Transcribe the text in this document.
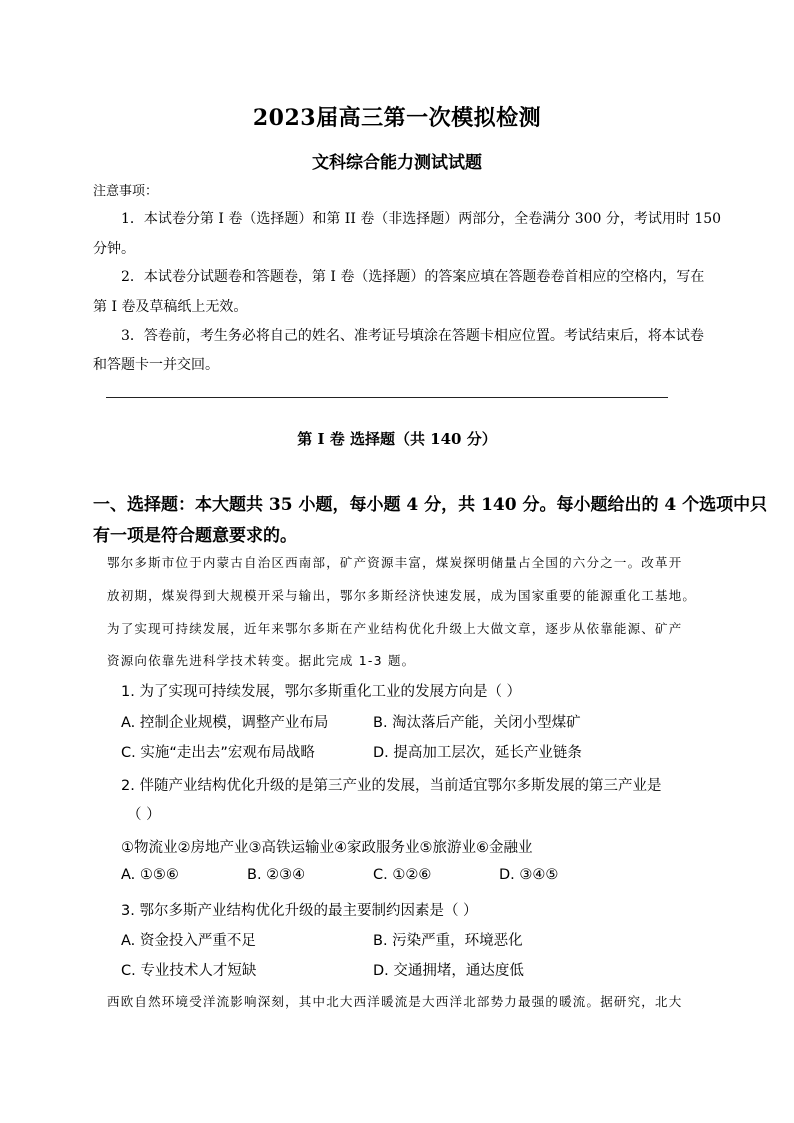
2023届高三第一次模拟检测
文科综合能力测试试题
注意事项：
1．本试卷分第 I 卷（选择题）和第 II 卷（非选择题）两部分，全卷满分 300 分，考试用时 150
分钟。
2．本试卷分试题卷和答题卷，第 I 卷（选择题）的答案应填在答题卷卷首相应的空格内，写在
第 I 卷及草稿纸上无效。
3．答卷前，考生务必将自己的姓名、准考证号填涂在答题卡相应位置。考试结束后，将本试卷
和答题卡一并交回。
第 I 卷 选择题（共 140 分）
一、选择题：本大题共 35 小题，每小题 4 分，共 140 分。每小题给出的 4 个选项中只
有一项是符合题意要求的。
鄂尔多斯市位于内蒙古自治区西南部，矿产资源丰富，煤炭探明储量占全国的六分之一。改革开
放初期，煤炭得到大规模开采与输出，鄂尔多斯经济快速发展，成为国家重要的能源重化工基地。
为了实现可持续发展，近年来鄂尔多斯在产业结构优化升级上大做文章，逐步从依靠能源、矿产
资源向依靠先进科学技术转变。据此完成 1-3 题。
1. 为了实现可持续发展，鄂尔多斯重化工业的发展方向是（ ）
A. 控制企业规模，调整产业布局	B. 淘汰落后产能，关闭小型煤矿
C. 实施“走出去”宏观布局战略	D. 提高加工层次，延长产业链条
2. 伴随产业结构优化升级的是第三产业的发展，当前适宜鄂尔多斯发展的第三产业是
（ ）
①物流业②房地产业③高铁运输业④家政服务业⑤旅游业⑥金融业
A. ①⑤⑥	B. ②③④	C. ①②⑥	D. ③④⑤
3. 鄂尔多斯产业结构优化升级的最主要制约因素是（ ）
A. 资金投入严重不足	B. 污染严重，环境恶化
C. 专业技术人才短缺	D. 交通拥堵，通达度低
西欧自然环境受洋流影响深刻，其中北大西洋暖流是大西洋北部势力最强的暖流。据研究，北大
